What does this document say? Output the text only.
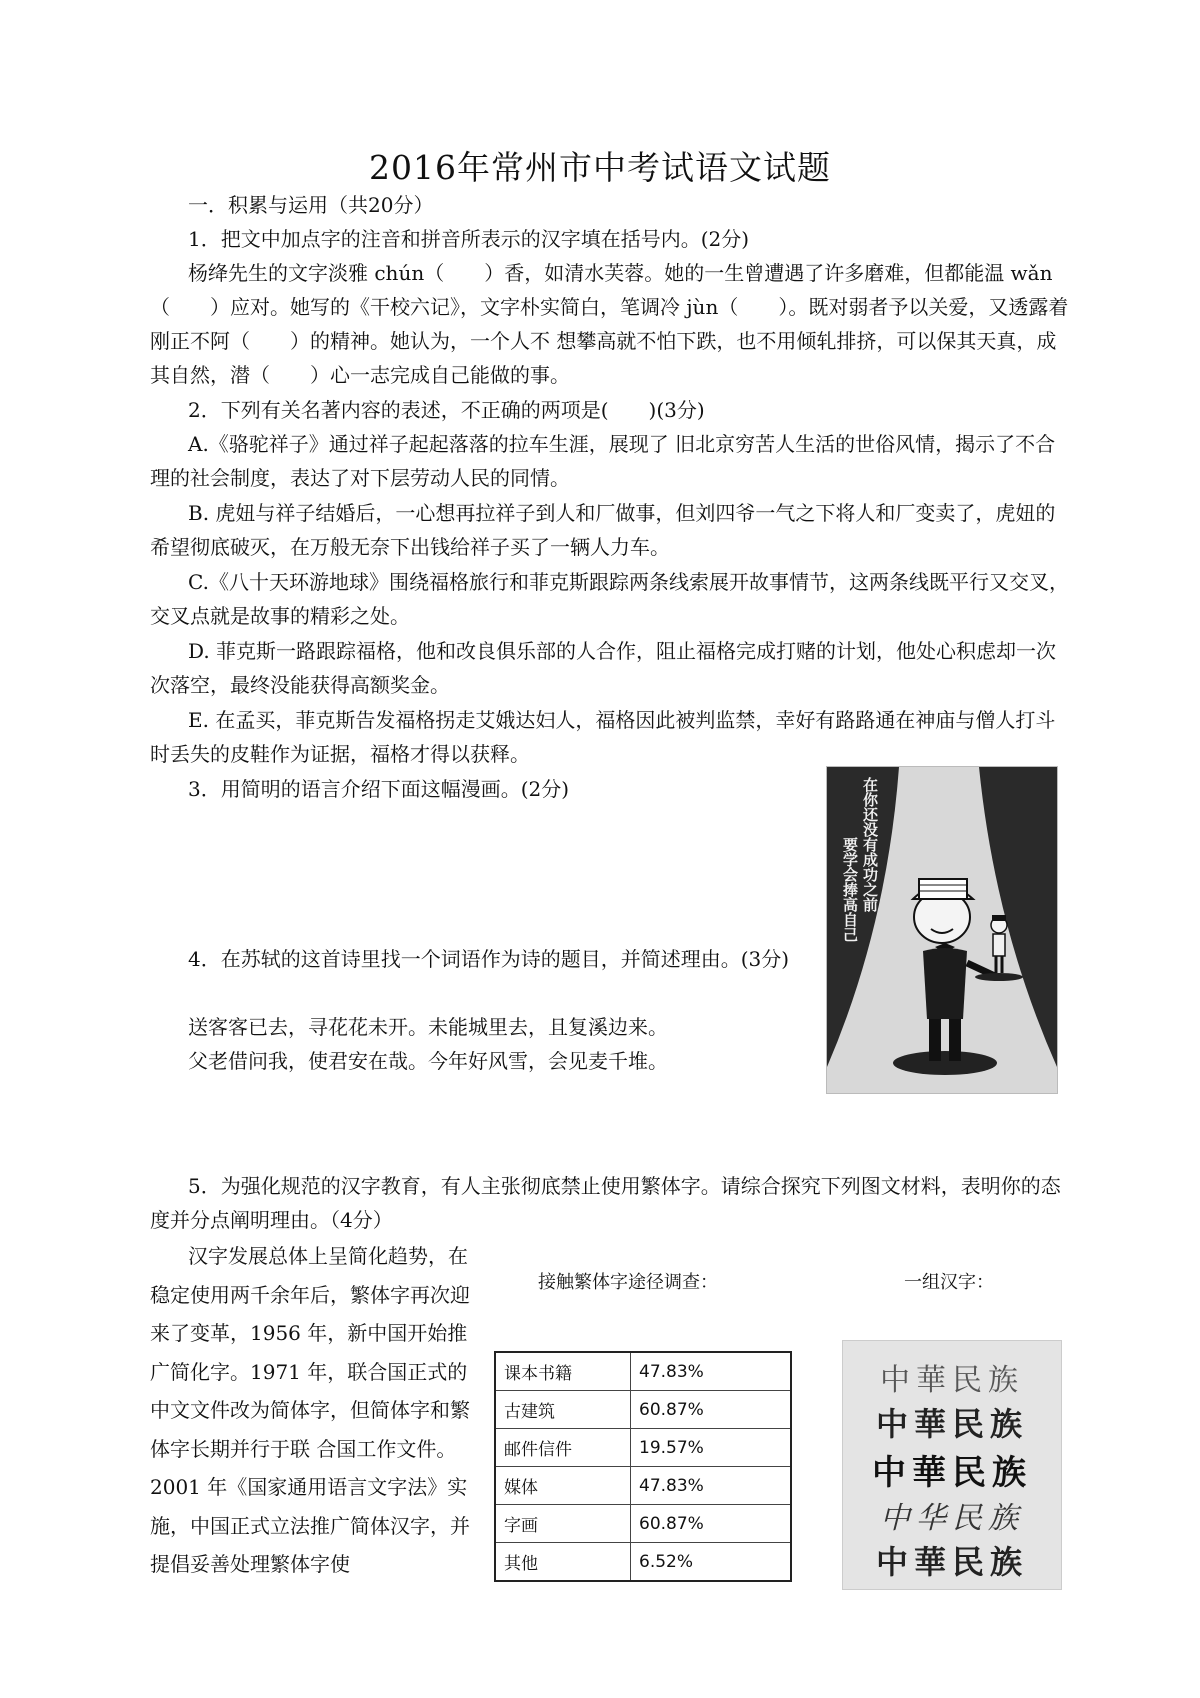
2016年常州市中考试语文试题

一．积累与运用（共20分）

1．把文中加点字的注音和拼音所表示的汉字填在括号内。(2分)

杨绛先生的文字淡雅 chún（　　）香，如清水芙蓉。她的一生曾遭遇了许多磨难，但都能温 wǎn（　　）应对。她写的《干校六记》，文字朴实简白，笔调冷 jùn（　　）。既对弱者予以关爱，又透露着刚正不阿（　　）的精神。她认为，一个人不 想攀高就不怕下跌，也不用倾轧排挤，可以保其天真，成其自然，潜（　　）心一志完成自己能做的事。

2．下列有关名著内容的表述，不正确的两项是(　　)(3分)

A.《骆驼祥子》通过祥子起起落落的拉车生涯，展现了 旧北京穷苦人生活的世俗风情，揭示了不合理的社会制度，表达了对下层劳动人民的同情。

B. 虎妞与祥子结婚后，一心想再拉祥子到人和厂做事，但刘四爷一气之下将人和厂变卖了，虎妞的希望彻底破灭，在万般无奈下出钱给祥子买了一辆人力车。

C.《八十天环游地球》围绕福格旅行和菲克斯跟踪两条线索展开故事情节，这两条线既平行又交叉，交叉点就是故事的精彩之处。

D. 菲克斯一路跟踪福格，他和改良俱乐部的人合作，阻止福格完成打赌的计划，他处心积虑却一次次落空，最终没能获得高额奖金。

E. 在孟买，菲克斯告发福格拐走艾娥达妇人，福格因此被判监禁，幸好有路路通在神庙与僧人打斗时丢失的皮鞋作为证据，福格才得以获释。

3．用简明的语言介绍下面这幅漫画。(2分)	在你还没有成功之前
要学会捧高自己

4．在苏轼的这首诗里找一个词语作为诗的题目，并简述理由。(3分)

送客客已去，寻花花未开。未能城里去，且复溪边来。

父老借问我，使君安在哉。今年好风雪，会见麦千堆。

5．为强化规范的汉字教育，有人主张彻底禁止使用繁体字。请综合探究下列图文材料，表明你的态度并分点阐明理由。（4分）

汉字发展总体上呈简化趋势，在稳定使用两千余年后，繁体字再次迎来了变革，1956 年，新中国开始推广简化字。1971 年，联合国正式的中文文件改为简体字，但简体字和繁体字长期并行于联 合国工作文件。2001 年《国家通用语言文字法》实施，中国正式立法推广简体汉字，并提倡妥善处理繁体字使
接触繁体字途径调查：	一组汉字：
课本书籍	47.83%
古建筑	60.87%
邮件信件	19.57%
媒体	47.83%
字画	60.87%
其他	6.52%
中華民族
中華民族
中華民族
中华民族
中華民族
